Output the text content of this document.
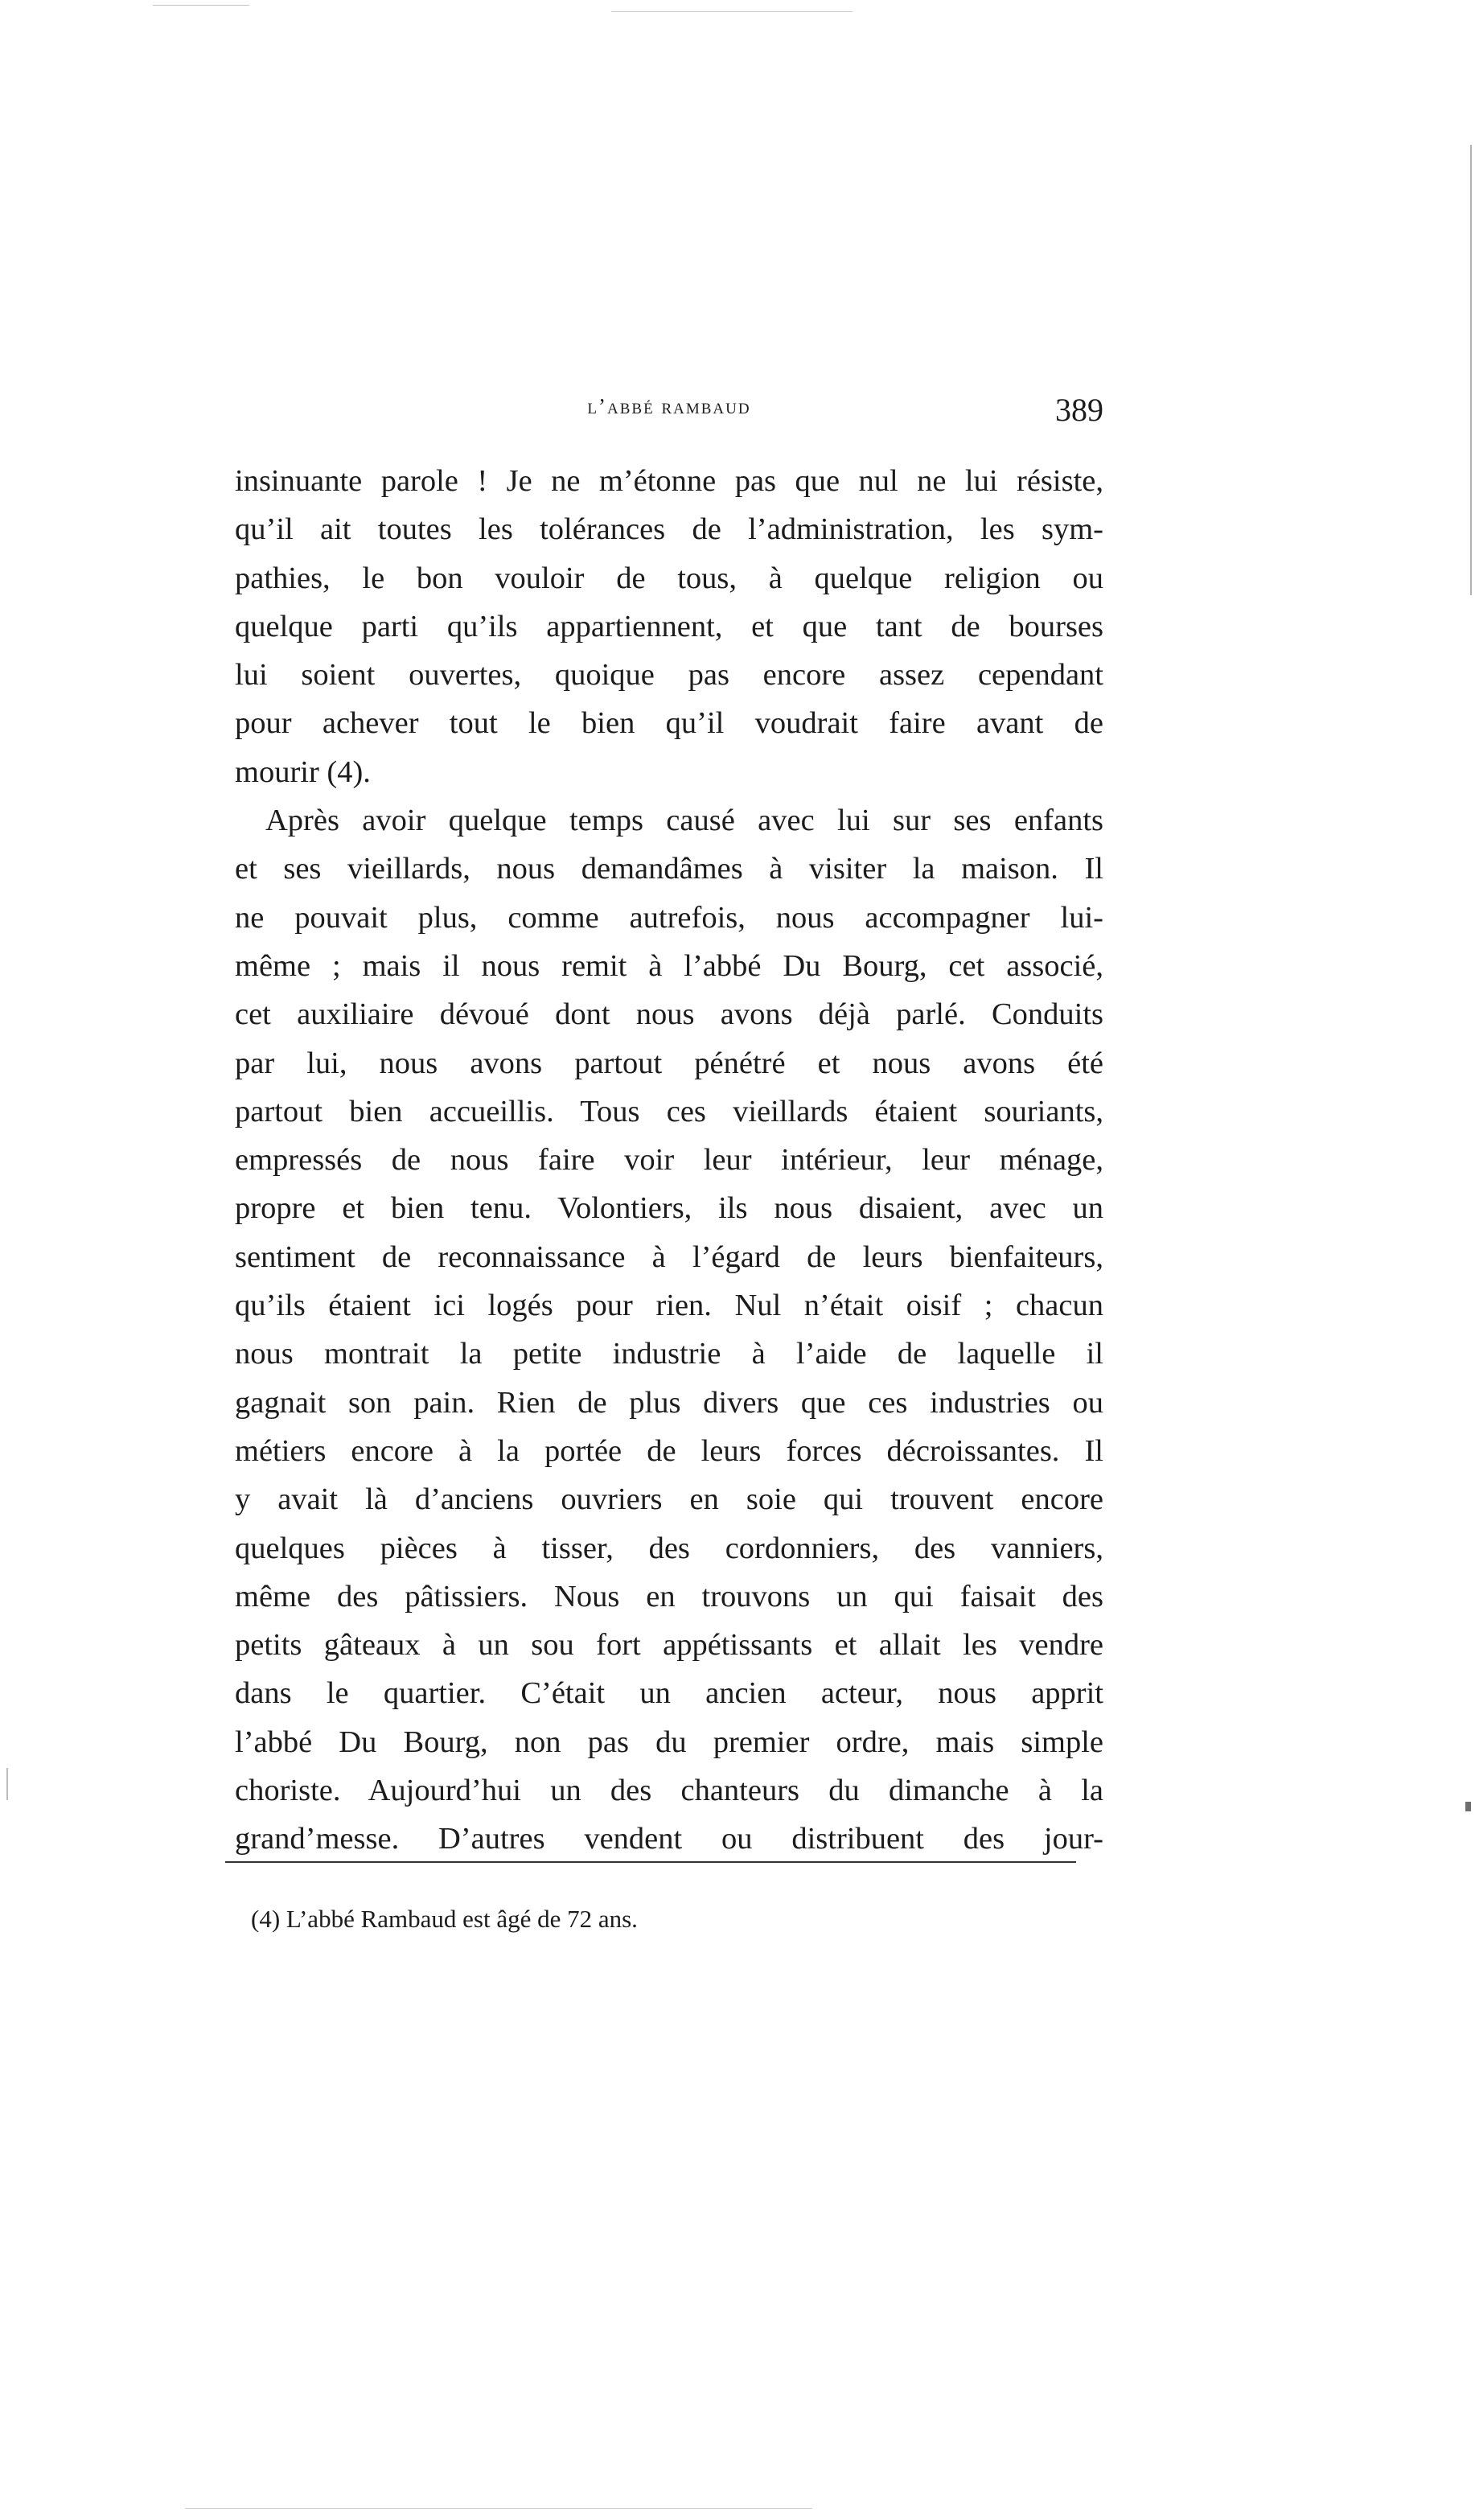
l’abbé rambaud	389

insinuante parole ! Je ne m’étonne pas que nul ne lui résiste,
qu’il ait toutes les tolérances de l’administration, les sym-
pathies, le bon vouloir de tous, à quelque religion ou
quelque parti qu’ils appartiennent, et que tant de bourses
lui soient ouvertes, quoique pas encore assez cependant
pour achever tout le bien qu’il voudrait faire avant de
mourir (4).

Après avoir quelque temps causé avec lui sur ses enfants
et ses vieillards, nous demandâmes à visiter la maison. Il
ne pouvait plus, comme autrefois, nous accompagner lui-
même ; mais il nous remit à l’abbé Du Bourg, cet associé,
cet auxiliaire dévoué dont nous avons déjà parlé. Conduits
par lui, nous avons partout pénétré et nous avons été
partout bien accueillis. Tous ces vieillards étaient souriants,
empressés de nous faire voir leur intérieur, leur ménage,
propre et bien tenu. Volontiers, ils nous disaient, avec un
sentiment de reconnaissance à l’égard de leurs bienfaiteurs,
qu’ils étaient ici logés pour rien. Nul n’était oisif ; chacun
nous montrait la petite industrie à l’aide de laquelle il
gagnait son pain. Rien de plus divers que ces industries ou
métiers encore à la portée de leurs forces décroissantes. Il
y avait là d’anciens ouvriers en soie qui trouvent encore
quelques pièces à tisser, des cordonniers, des vanniers,
même des pâtissiers. Nous en trouvons un qui faisait des
petits gâteaux à un sou fort appétissants et allait les vendre
dans le quartier. C’était un ancien acteur, nous apprit
l’abbé Du Bourg, non pas du premier ordre, mais simple
choriste. Aujourd’hui un des chanteurs du dimanche à la
grand’messe. D’autres vendent ou distribuent des jour-

(4) L’abbé Rambaud est âgé de 72 ans.
